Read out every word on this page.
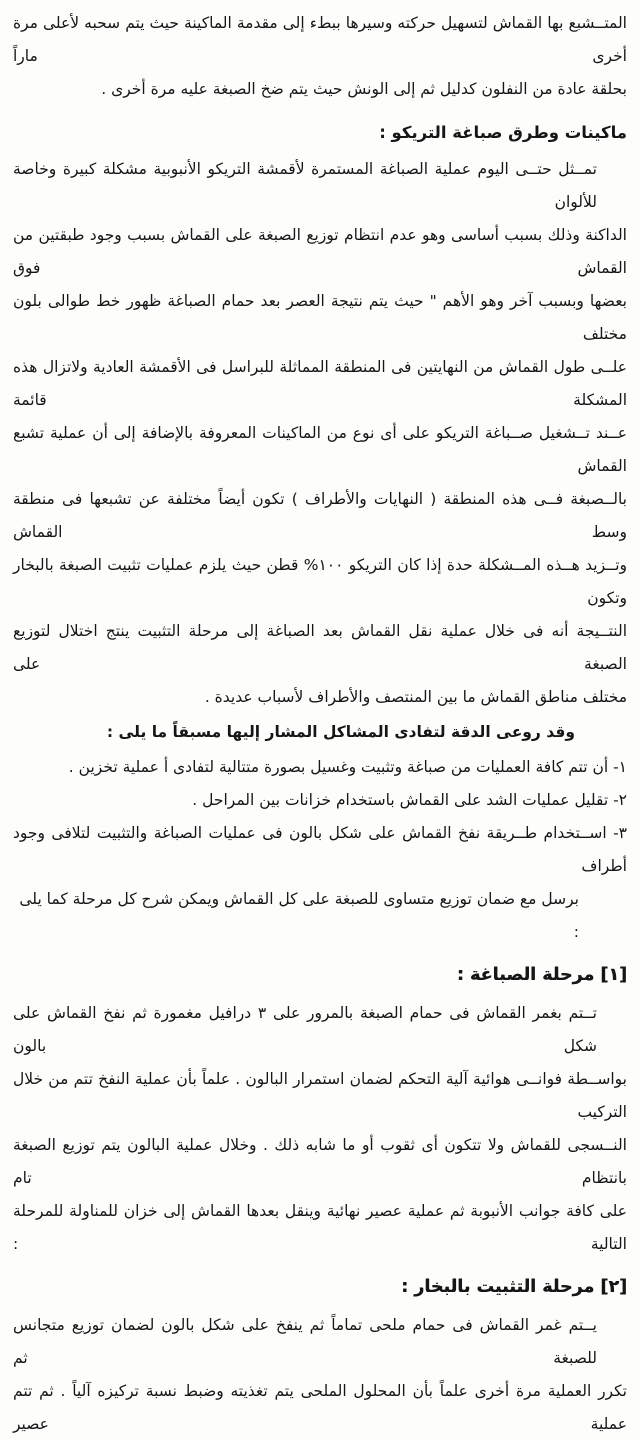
المتــشبع بها القماش لتسهيل حركته وسيرها ببطء إلى مقدمة الماكينة حيث يتم سحبه لأعلى مرة أخرى ماراً
بحلقة عادة من النفلون كدليل ثم إلى الونش حيث يتم ضخ الصبغة عليه مرة أخرى .
ماكينات وطرق صباغة التريكو :
تمــثل حتــى اليوم عملية الصباغة المستمرة لأقمشة التريكو الأنبوبية مشكلة كبيرة وخاصة للألوان
الداكنة وذلك بسبب أساسى وهو عدم انتظام توزيع الصبغة على القماش بسبب وجود طبقتين من القماش فوق
بعضها وبسبب آخر وهو الأهم " حيث يتم نتيجة العصر بعد حمام الصباغة ظهور خط طوالى بلون مختلف
علــى طول القماش من النهايتين فى المنطقة المماثلة للبراسل فى الأقمشة العادية ولاتزال هذه المشكلة قائمة
عــند تــشغيل صــباغة التريكو على أى نوع من الماكينات المعروفة بالإضافة إلى أن عملية تشبع القماش
بالــصبغة فــى هذه المنطقة ( النهايات والأطراف ) تكون أيضاً مختلفة عن تشبعها فى منطقة وسط القماش
وتــزيد هــذه المــشكلة حدة إذا كان التريكو ١٠٠% قطن حيث يلزم عمليات تثبيت الصبغة بالبخار وتكون
النتــيجة أنه فى خلال عملية نقل القماش بعد الصباغة إلى مرحلة التثبيت ينتج اختلال لتوزيع الصبغة على
مختلف مناطق القماش ما بين المنتصف والأطراف لأسباب عديدة .
وقد روعى الدقة لتفادى المشاكل المشار إليها مسبقاً ما يلى :
١- أن تتم كافة العمليات من صباغة وتثبيت وغسيل بصورة متتالية لتفادى أ عملية تخزين .
٢- تقليل عمليات الشد على القماش باستخدام خزانات بين المراحل .
٣- اســتخدام طــريقة نفخ القماش على شكل بالون فى عمليات الصباغة والتثبيت لتلافى وجود أطراف
برسل مع ضمان توزيع متساوى للصبغة على كل القماش ويمكن شرح كل مرحلة كما يلى :
[١] مرحلة الصباغة :
تــتم بغمر القماش فى حمام الصبغة بالمرور على ٣ درافيل مغمورة ثم نفخ القماش على شكل بالون
بواســطة فوانــى هوائية آلية التحكم لضمان استمرار البالون . علماً بأن عملية النفخ تتم من خلال التركيب
النــسجى للقماش ولا تتكون أى ثقوب أو ما شابه ذلك . وخلال عملية البالون يتم توزيع الصبغة بانتظام تام
على كافة جوانب الأنبوبة ثم عملية عصير نهائية وينقل بعدها القماش إلى خزان للمناولة للمرحلة التالية :
[٢] مرحلة التثبيت بالبخار :
يــتم غمر القماش فى حمام ملحى تماماً ثم ينفخ على شكل بالون لضمان توزيع متجانس للصبغة ثم
تكرر العملية مرة أخرى علماً بأن المحلول الملحى يتم تغذيته وضبط نسبة تركيزه آلياً . ثم تتم عملية عصير
